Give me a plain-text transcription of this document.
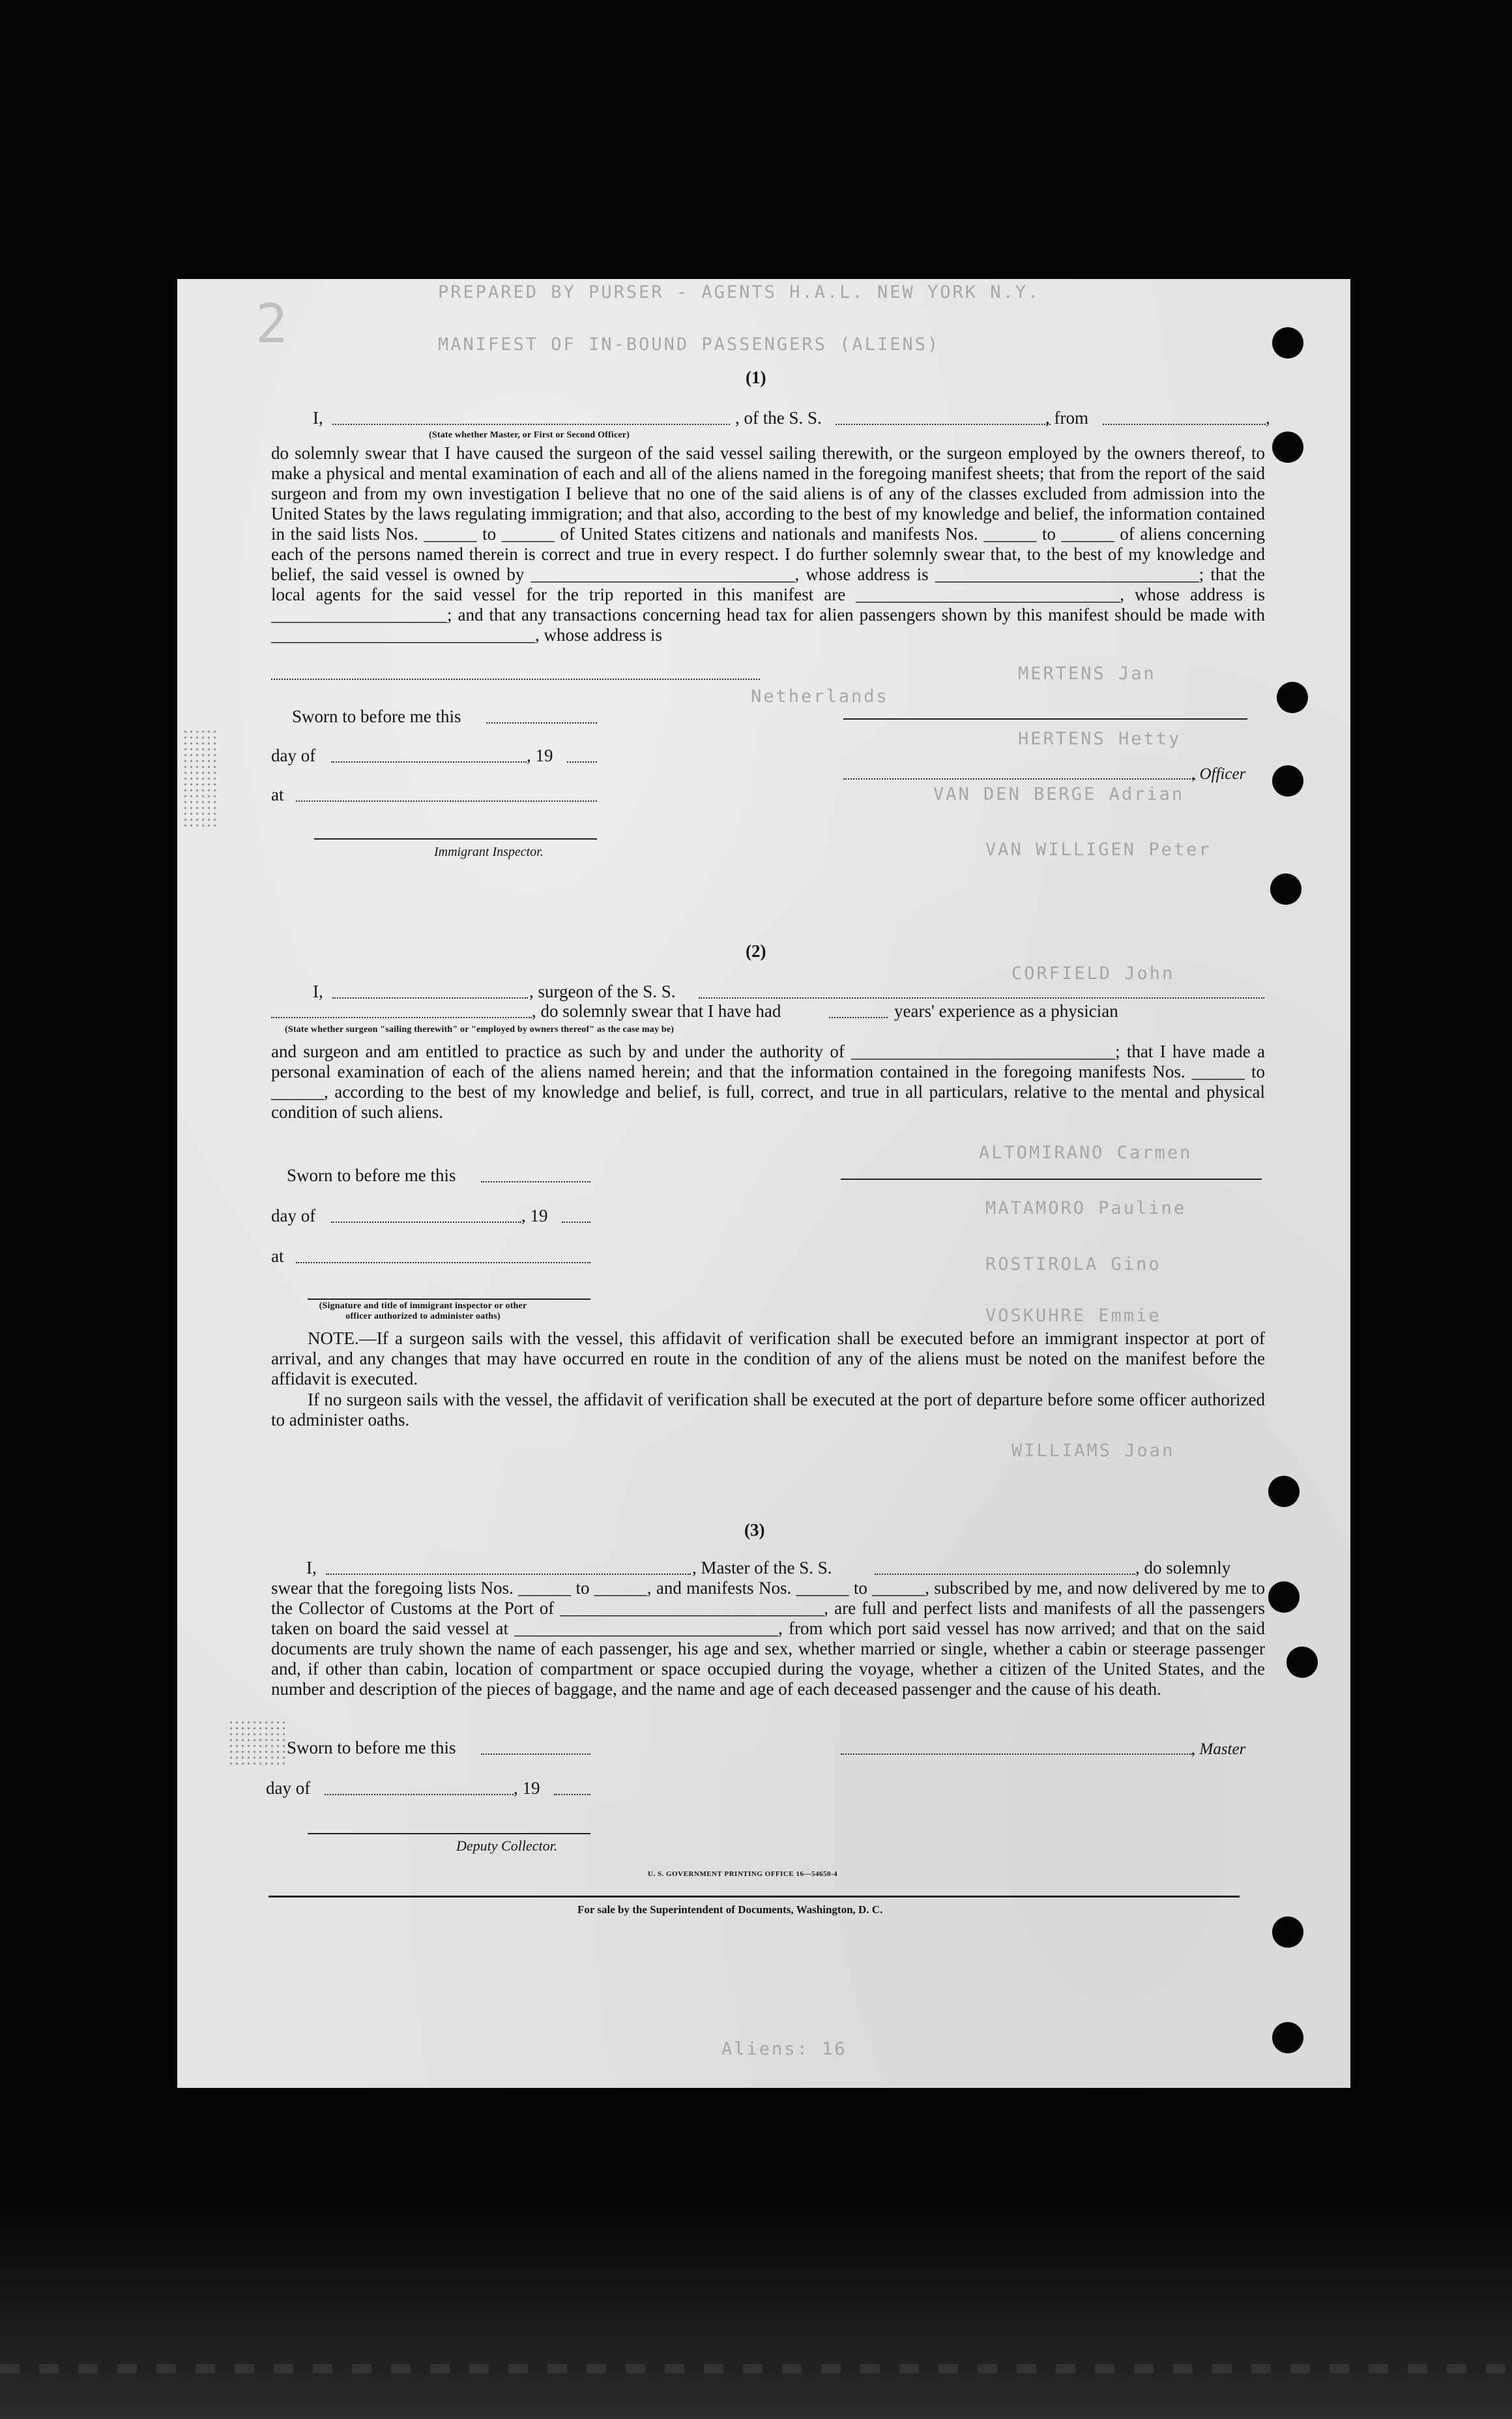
PREPARED BY PURSER - AGENTS H.A.L. NEW YORK N.Y.
MANIFEST OF IN-BOUND PASSENGERS (ALIENS)
2
MERTENS Jan
Netherlands
HERTENS Hetty
VAN DEN BERGE Adrian
VAN WILLIGEN Peter
CORFIELD John
ALTOMIRANO Carmen
MATAMORO Pauline
ROSTIROLA Gino
VOSKUHRE Emmie
WILLIAMS Joan
Aliens: 16
(1)
I,	, of the S. S.	, from	,
(State whether Master, or First or Second Officer)
do solemnly swear that I have caused the surgeon of the said vessel sailing therewith, or the surgeon employed by the owners thereof, to make a physical and mental examination of each and all of the aliens named in the foregoing manifest sheets; that from the report of the said surgeon and from my own investigation I believe that no one of the said aliens is of any of the classes excluded from admission into the United States by the laws regulating immigration; and that also, according to the best of my knowledge and belief, the information contained in the said lists Nos. ______ to ______ of United States citizens and nationals and manifests Nos. ______ to ______ of aliens concerning each of the persons named therein is correct and true in every respect. I do further solemnly swear that, to the best of my knowledge and belief, the said vessel is owned by ______________________________, whose address is ______________________________; that the local agents for the said vessel for the trip reported in this manifest are ______________________________, whose address is ____________________; and that any transactions concerning head tax for alien passengers shown by this manifest should be made with ______________________________, whose address is
Sworn to before me this
day of	, 19
at
Immigrant Inspector.
, Officer
(2)
I,	, surgeon of the S. S.
, do solemnly swear that I have had	years' experience as a physician
(State whether surgeon "sailing therewith" or "employed by owners thereof" as the case may be)
and surgeon and am entitled to practice as such by and under the authority of ______________________________; that I have made a personal examination of each of the aliens named herein; and that the information contained in the foregoing manifests Nos. ______ to ______, according to the best of my knowledge and belief, is full, correct, and true in all particulars, relative to the mental and physical condition of such aliens.
Sworn to before me this
day of	, 19
at
(Signature and title of immigrant inspector or other officer authorized to administer oaths)
NOTE.—If a surgeon sails with the vessel, this affidavit of verification shall be executed before an immigrant inspector at port of arrival, and any changes that may have occurred en route in the condition of any of the aliens must be noted on the manifest before the affidavit is executed.
If no surgeon sails with the vessel, the affidavit of verification shall be executed at the port of departure before some officer authorized to administer oaths.
(3)
I,	, Master of the S. S.	, do solemnly
swear that the foregoing lists Nos. ______ to ______, and manifests Nos. ______ to ______, subscribed by me, and now delivered by me to the Collector of Customs at the Port of ______________________________, are full and perfect lists and manifests of all the passengers taken on board the said vessel at ______________________________, from which port said vessel has now arrived; and that on the said documents are truly shown the name of each passenger, his age and sex, whether married or single, whether a cabin or steerage passenger and, if other than cabin, location of compartment or space occupied during the voyage, whether a citizen of the United States, and the number and description of the pieces of baggage, and the name and age of each deceased passenger and the cause of his death.
Sworn to before me this
day of	, 19
Deputy Collector.
, Master
U. S. GOVERNMENT PRINTING OFFICE 16—54650-4
For sale by the Superintendent of Documents, Washington, D. C.
